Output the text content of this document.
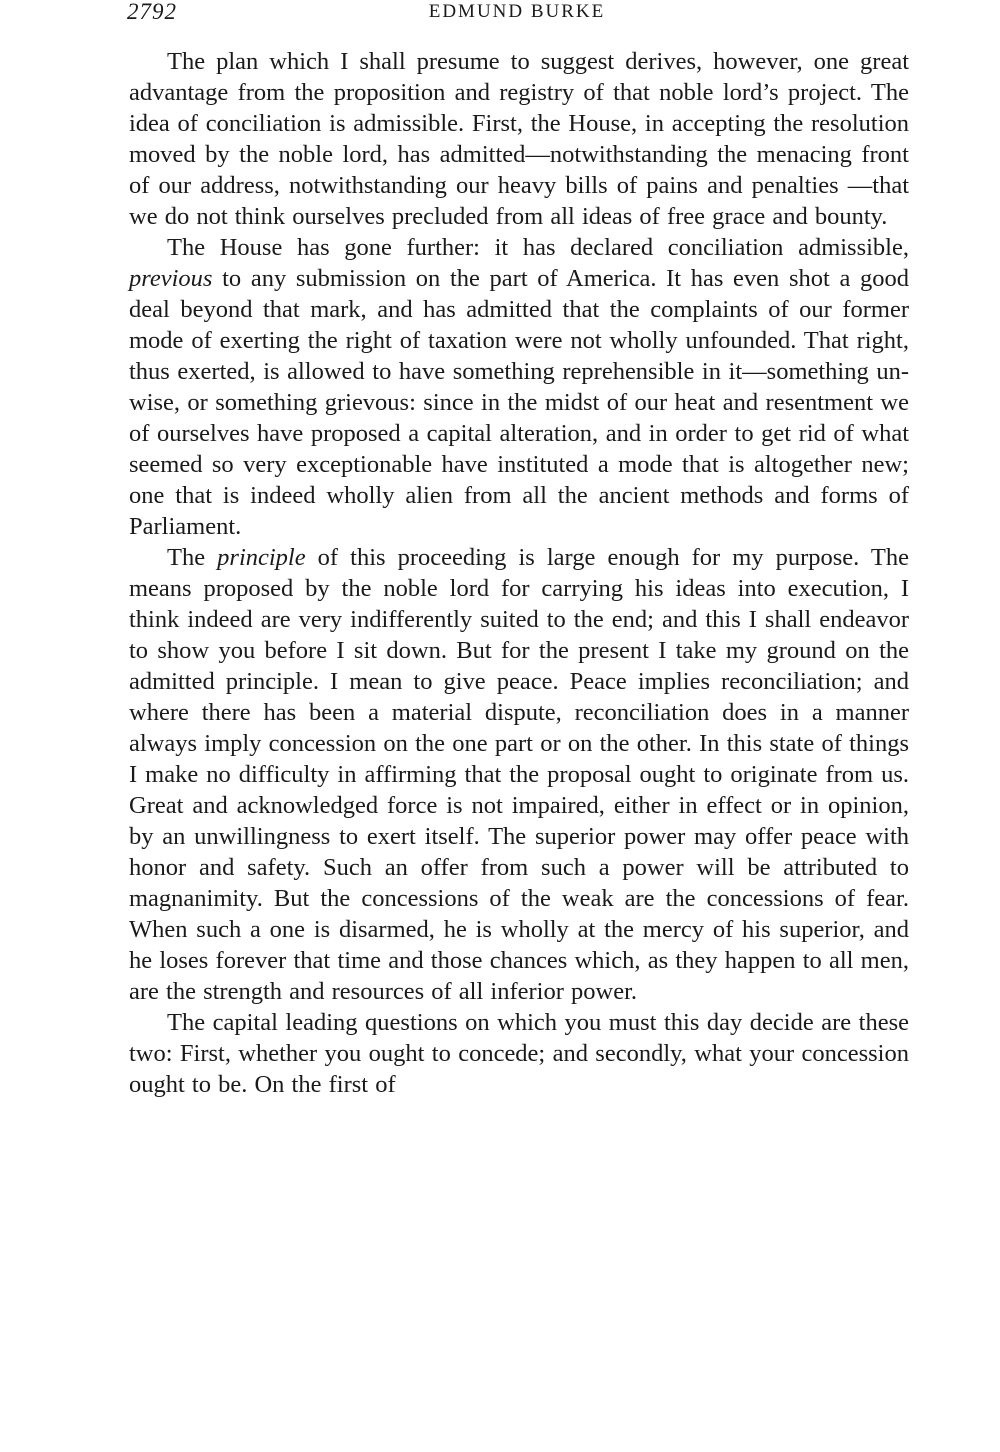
2792	EDMUND BURKE

The plan which I shall presume to suggest derives, however, one great advantage from the proposition and registry of that noble lord’s project. The idea of conciliation is admissible. First, the House, in accepting the resolution moved by the noble lord, has admitted—notwithstanding the menacing front of our address, notwithstanding our heavy bills of pains and penalties —that we do not think ourselves precluded from all ideas of free grace and bounty.

The House has gone further: it has declared conciliation admissible, previous to any submission on the part of America. It has even shot a good deal beyond that mark, and has admitted that the complaints of our former mode of exerting the right of taxation were not wholly unfounded. That right, thus exerted, is allowed to have something reprehensible in it—something unwise, or something grievous: since in the midst of our heat and resentment we of ourselves have proposed a capital alteration, and in order to get rid of what seemed so very exceptionable have instituted a mode that is altogether new; one that is indeed wholly alien from all the ancient methods and forms of Parliament.

The principle of this proceeding is large enough for my purpose. The means proposed by the noble lord for carrying his ideas into execution, I think indeed are very indifferently suited to the end; and this I shall endeavor to show you before I sit down. But for the present I take my ground on the admitted principle. I mean to give peace. Peace implies reconciliation; and where there has been a material dispute, reconciliation does in a manner always imply concession on the one part or on the other. In this state of things I make no difficulty in affirming that the proposal ought to originate from us. Great and acknowledged force is not impaired, either in effect or in opinion, by an unwillingness to exert itself. The superior power may offer peace with honor and safety. Such an offer from such a power will be attributed to magnanimity. But the concessions of the weak are the concessions of fear. When such a one is disarmed, he is wholly at the mercy of his superior, and he loses forever that time and those chances which, as they happen to all men, are the strength and resources of all inferior power.

The capital leading questions on which you must this day decide are these two: First, whether you ought to concede; and secondly, what your concession ought to be. On the first of
